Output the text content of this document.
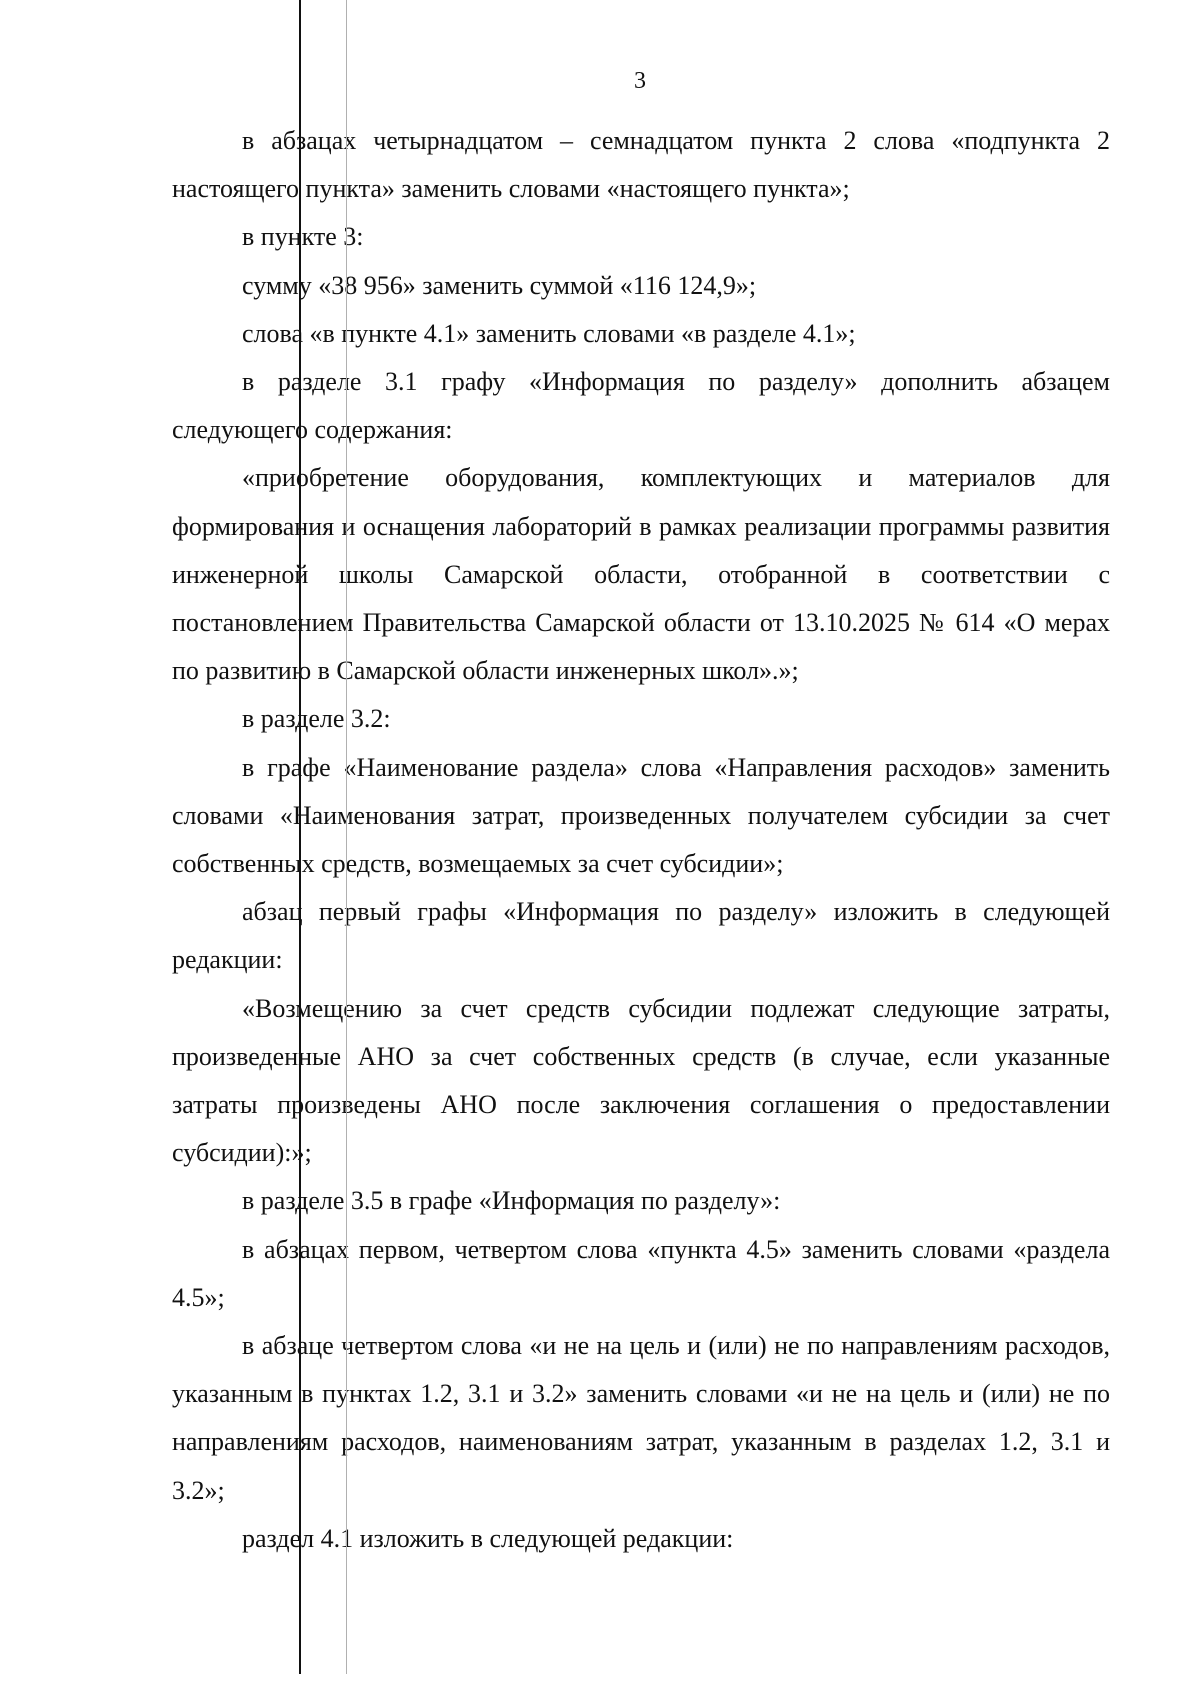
3

в абзацах четырнадцатом – семнадцатом пункта 2 слова «подпункта 2 настоящего пункта» заменить словами «настоящего пункта»;

в пункте 3:

сумму «38 956» заменить суммой «116 124,9»;

слова «в пункте 4.1» заменить словами «в разделе 4.1»;

в разделе 3.1 графу «Информация по разделу» дополнить абзацем следующего содержания:

«приобретение оборудования, комплектующих и материалов для формирования и оснащения лабораторий в рамках реализации программы развития инженерной школы Самарской области, отобранной в соответствии с постановлением Правительства Самарской области от 13.10.2025 № 614 «О мерах по развитию в Самарской области инженерных школ».»;

в разделе 3.2:

в графе «Наименование раздела» слова «Направления расходов» заменить словами «Наименования затрат, произведенных получателем субсидии за счет собственных средств, возмещаемых за счет субсидии»;

абзац первый графы «Информация по разделу» изложить в следующей редакции:

«Возмещению за счет средств субсидии подлежат следующие затраты, произведенные АНО за счет собственных средств (в случае, если указанные затраты произведены АНО после заключения соглашения о предоставлении субсидии):»;

в разделе 3.5 в графе «Информация по разделу»:

в абзацах первом, четвертом слова «пункта 4.5» заменить словами «раздела 4.5»;

в абзаце четвертом слова «и не на цель и (или) не по направлениям расходов, указанным в пунктах 1.2, 3.1 и 3.2» заменить словами «и не на цель и (или) не по направлениям расходов, наименованиям затрат, указанным в разделах 1.2, 3.1 и 3.2»;

раздел 4.1 изложить в следующей редакции:
